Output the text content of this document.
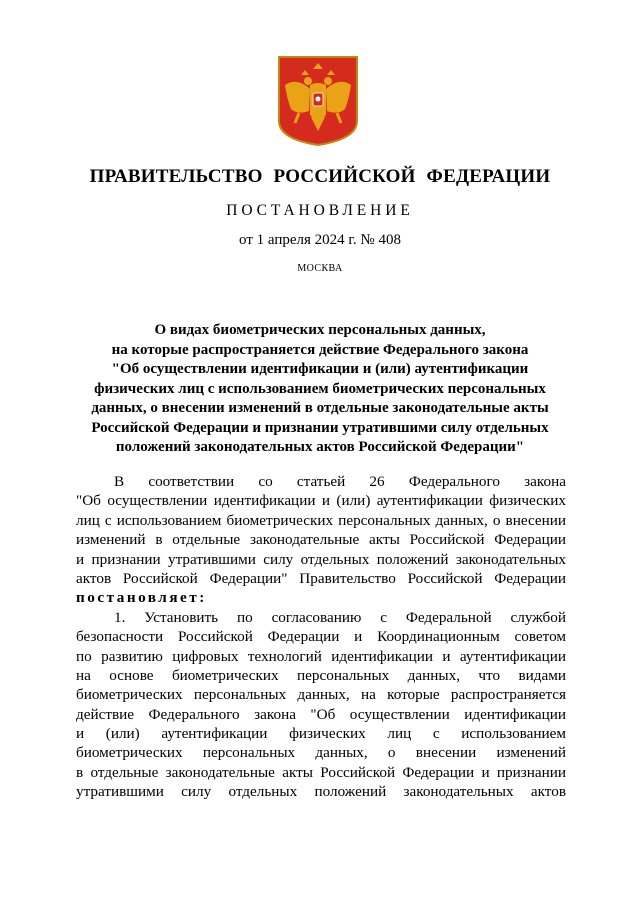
ПРАВИТЕЛЬСТВО РОССИЙСКОЙ ФЕДЕРАЦИИ
ПОСТАНОВЛЕНИЕ
от 1 апреля 2024 г. № 408
МОСКВА
О видах биометрических персональных данных,
на которые распространяется действие Федерального закона
"Об осуществлении идентификации и (или) аутентификации
физических лиц с использованием биометрических персональных
данных, о внесении изменений в отдельные законодательные акты
Российской Федерации и признании утратившими силу отдельных
положений законодательных актов Российской Федерации"
В соответствии со статьей 26 Федерального закона
"Об осуществлении идентификации и (или) аутентификации физических
лиц с использованием биометрических персональных данных, о внесении
изменений в отдельные законодательные акты Российской Федерации
и признании утратившими силу отдельных положений законодательных
актов Российской Федерации" Правительство Российской Федерации
постановляет:
1. Установить по согласованию с Федеральной службой
безопасности Российской Федерации и Координационным советом
по развитию цифровых технологий идентификации и аутентификации
на основе биометрических персональных данных, что видами
биометрических персональных данных, на которые распространяется
действие Федерального закона "Об осуществлении идентификации
и (или) аутентификации физических лиц с использованием
биометрических персональных данных, о внесении изменений
в отдельные законодательные акты Российской Федерации и признании
утратившими силу отдельных положений законодательных актов
